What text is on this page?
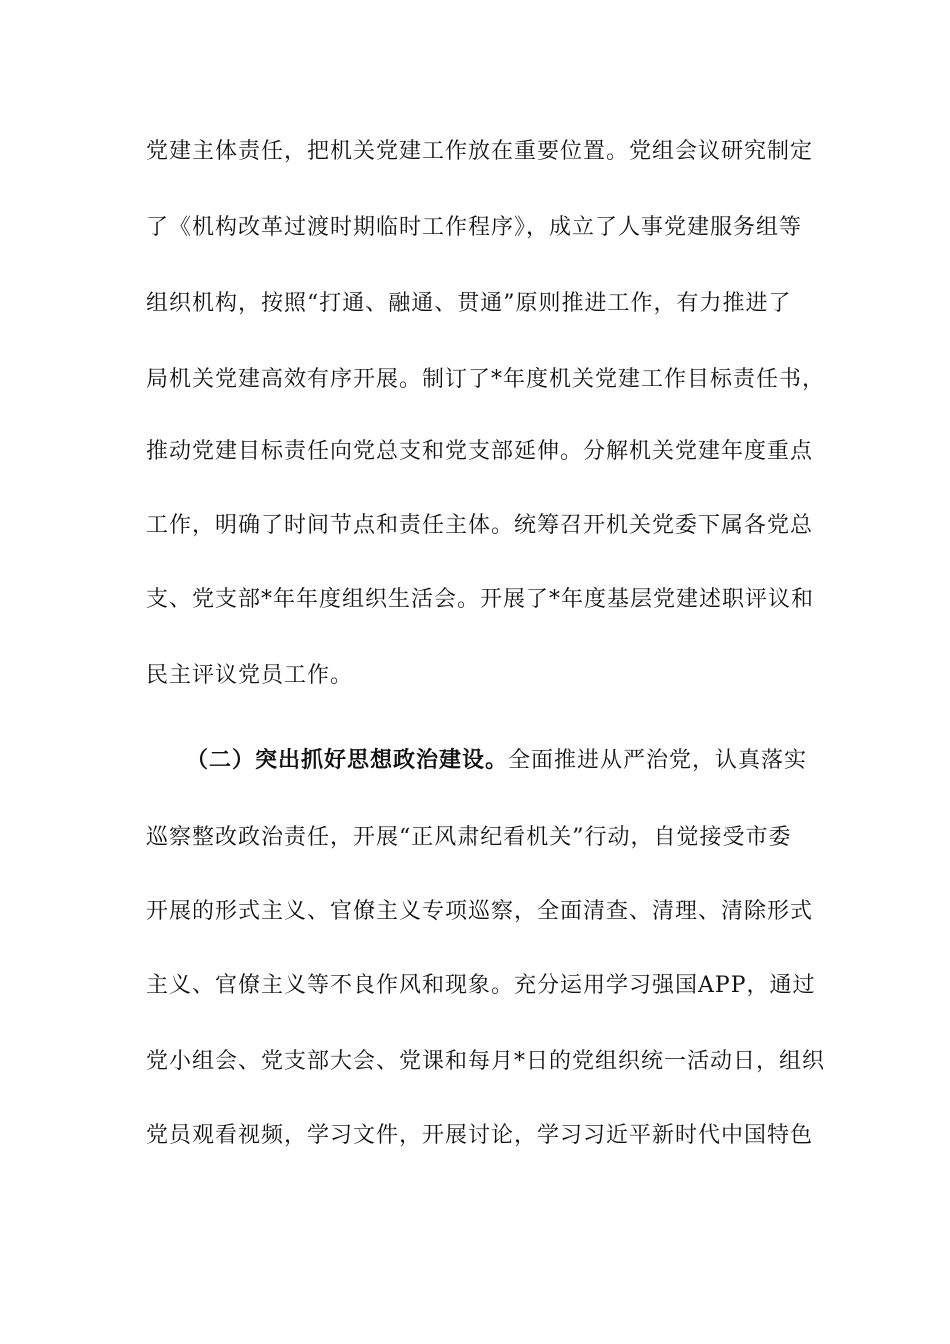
党建主体责任，把机关党建工作放在重要位置。党组会议研究制定
了《机构改革过渡时期临时工作程序》，成立了人事党建服务组等
组织机构，按照“打通、融通、贯通”原则推进工作，有力推进了
局机关党建高效有序开展。制订了*年度机关党建工作目标责任书，
推动党建目标责任向党总支和党支部延伸。分解机关党建年度重点
工作，明确了时间节点和责任主体。统筹召开机关党委下属各党总
支、党支部*年年度组织生活会。开展了*年度基层党建述职评议和
民主评议党员工作。
（二）突出抓好思想政治建设。全面推进从严治党，认真落实
巡察整改政治责任，开展“正风肃纪看机关”行动，自觉接受市委
开展的形式主义、官僚主义专项巡察，全面清查、清理、清除形式
主义、官僚主义等不良作风和现象。充分运用学习强国APP，通过
党小组会、党支部大会、党课和每月*日的党组织统一活动日，组织
党员观看视频，学习文件，开展讨论，学习习近平新时代中国特色
